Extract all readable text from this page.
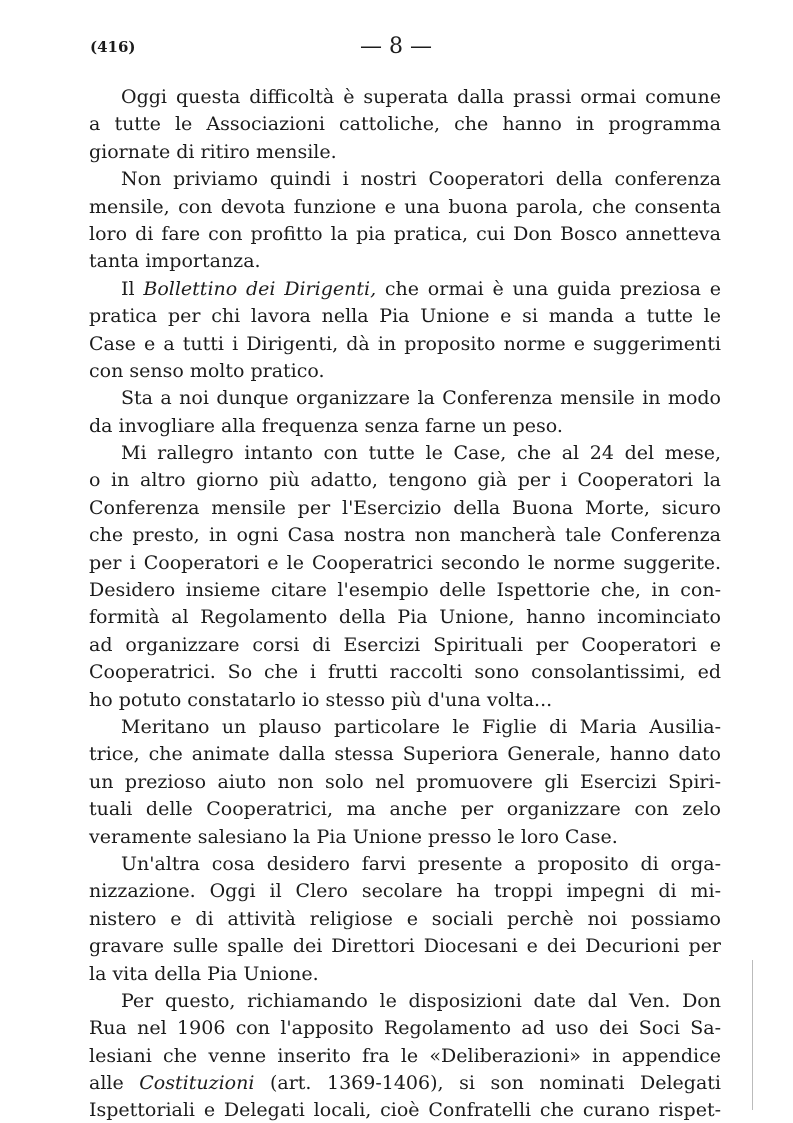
(416)	— 8 —
Oggi questa difficoltà è superata dalla prassi ormai comune
a tutte le Associazioni cattoliche, che hanno in programma
giornate di ritiro mensile.
Non priviamo quindi i nostri Cooperatori della conferenza
mensile, con devota funzione e una buona parola, che consenta
loro di fare con profitto la pia pratica, cui Don Bosco annetteva
tanta importanza.
Il Bollettino dei Dirigenti, che ormai è una guida preziosa e
pratica per chi lavora nella Pia Unione e si manda a tutte le
Case e a tutti i Dirigenti, dà in proposito norme e suggerimenti
con senso molto pratico.
Sta a noi dunque organizzare la Conferenza mensile in modo
da invogliare alla frequenza senza farne un peso.
Mi rallegro intanto con tutte le Case, che al 24 del mese,
o in altro giorno più adatto, tengono già per i Cooperatori la
Conferenza mensile per l'Esercizio della Buona Morte, sicuro
che presto, in ogni Casa nostra non mancherà tale Conferenza
per i Cooperatori e le Cooperatrici secondo le norme suggerite.
Desidero insieme citare l'esempio delle Ispettorie che, in con-
formità al Regolamento della Pia Unione, hanno incominciato
ad organizzare corsi di Esercizi Spirituali per Cooperatori e
Cooperatrici. So che i frutti raccolti sono consolantissimi, ed
ho potuto constatarlo io stesso più d'una volta...
Meritano un plauso particolare le Figlie di Maria Ausilia-
trice, che animate dalla stessa Superiora Generale, hanno dato
un prezioso aiuto non solo nel promuovere gli Esercizi Spiri-
tuali delle Cooperatrici, ma anche per organizzare con zelo
veramente salesiano la Pia Unione presso le loro Case.
Un'altra cosa desidero farvi presente a proposito di orga-
nizzazione. Oggi il Clero secolare ha troppi impegni di mi-
nistero e di attività religiose e sociali perchè noi possiamo
gravare sulle spalle dei Direttori Diocesani e dei Decurioni per
la vita della Pia Unione.
Per questo, richiamando le disposizioni date dal Ven. Don
Rua nel 1906 con l'apposito Regolamento ad uso dei Soci Sa-
lesiani che venne inserito fra le «Deliberazioni» in appendice
alle Costituzioni (art. 1369-1406), si son nominati Delegati
Ispettoriali e Delegati locali, cioè Confratelli che curano rispet-
